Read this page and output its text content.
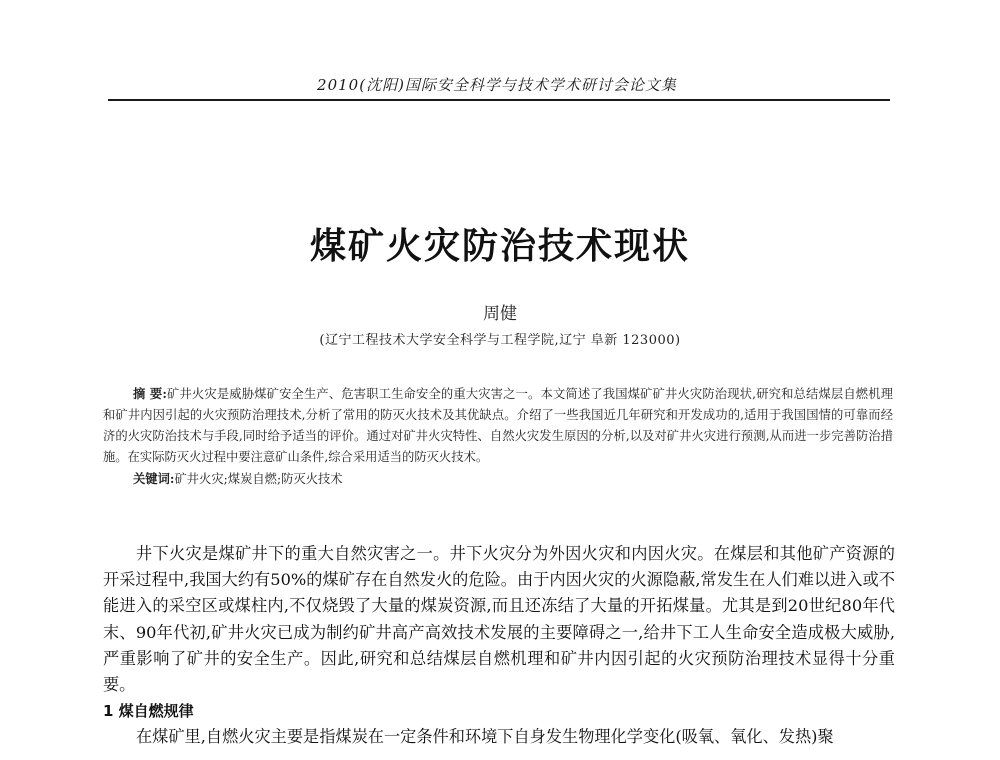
2010(沈阳)国际安全科学与技术学术研讨会论文集
煤矿火灾防治技术现状
周健
(辽宁工程技术大学安全科学与工程学院,辽宁 阜新 123000)
摘 要:矿井火灾是威胁煤矿安全生产、危害职工生命安全的重大灾害之一。本文简述了我国煤矿矿井火灾防治现状,研究和总结煤层自燃机理和矿井内因引起的火灾预防治理技术,分析了常用的防灭火技术及其优缺点。介绍了一些我国近几年研究和开发成功的,适用于我国国情的可靠而经济的火灾防治技术与手段,同时给予适当的评价。通过对矿井火灾特性、自然火灾发生原因的分析,以及对矿井火灾进行预测,从而进一步完善防治措施。在实际防灭火过程中要注意矿山条件,综合采用适当的防灭火技术。
关键词:矿井火灾;煤炭自燃;防灭火技术

井下火灾是煤矿井下的重大自然灾害之一。井下火灾分为外因火灾和内因火灾。在煤层和其他矿产资源的开采过程中,我国大约有50%的煤矿存在自然发火的危险。由于内因火灾的火源隐蔽,常发生在人们难以进入或不能进入的采空区或煤柱内,不仅烧毁了大量的煤炭资源,而且还冻结了大量的开拓煤量。尤其是到20世纪80年代末、90年代初,矿井火灾已成为制约矿井高产高效技术发展的主要障碍之一,给井下工人生命安全造成极大威胁,严重影响了矿井的安全生产。因此,研究和总结煤层自燃机理和矿井内因引起的火灾预防治理技术显得十分重要。

1 煤自燃规律

在煤矿里,自燃火灾主要是指煤炭在一定条件和环境下自身发生物理化学变化(吸氧、氧化、发热)聚
